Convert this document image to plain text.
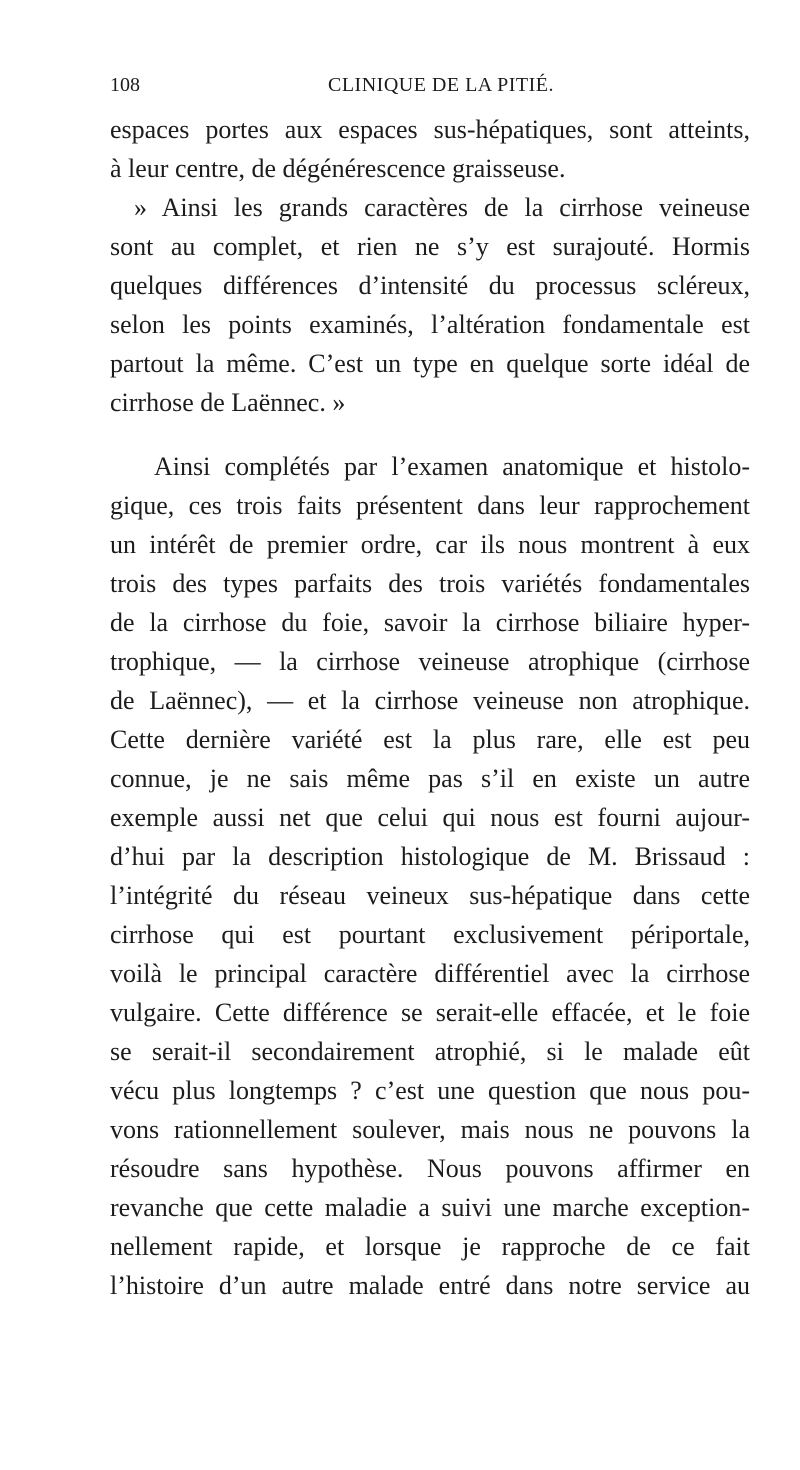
108	CLINIQUE DE LA PITIÉ.
espaces portes aux espaces sus-hépatiques, sont atteints,
à leur centre, de dégénérescence graisseuse.
» Ainsi les grands caractères de la cirrhose veineuse
sont au complet, et rien ne s’y est surajouté. Hormis
quelques différences d’intensité du processus scléreux,
selon les points examinés, l’altération fondamentale est
partout la même. C’est un type en quelque sorte idéal de
cirrhose de Laënnec. »
Ainsi complétés par l’examen anatomique et histolo-
gique, ces trois faits présentent dans leur rapprochement
un intérêt de premier ordre, car ils nous montrent à eux
trois des types parfaits des trois variétés fondamentales
de la cirrhose du foie, savoir la cirrhose biliaire hyper-
trophique, — la cirrhose veineuse atrophique (cirrhose
de Laënnec), — et la cirrhose veineuse non atrophique.
Cette dernière variété est la plus rare, elle est peu
connue, je ne sais même pas s’il en existe un autre
exemple aussi net que celui qui nous est fourni aujour-
d’hui par la description histologique de M. Brissaud :
l’intégrité du réseau veineux sus-hépatique dans cette
cirrhose qui est pourtant exclusivement périportale,
voilà le principal caractère différentiel avec la cirrhose
vulgaire. Cette différence se serait-elle effacée, et le foie
se serait-il secondairement atrophié, si le malade eût
vécu plus longtemps ? c’est une question que nous pou-
vons rationnellement soulever, mais nous ne pouvons la
résoudre sans hypothèse. Nous pouvons affirmer en
revanche que cette maladie a suivi une marche exception-
nellement rapide, et lorsque je rapproche de ce fait
l’histoire d’un autre malade entré dans notre service au
